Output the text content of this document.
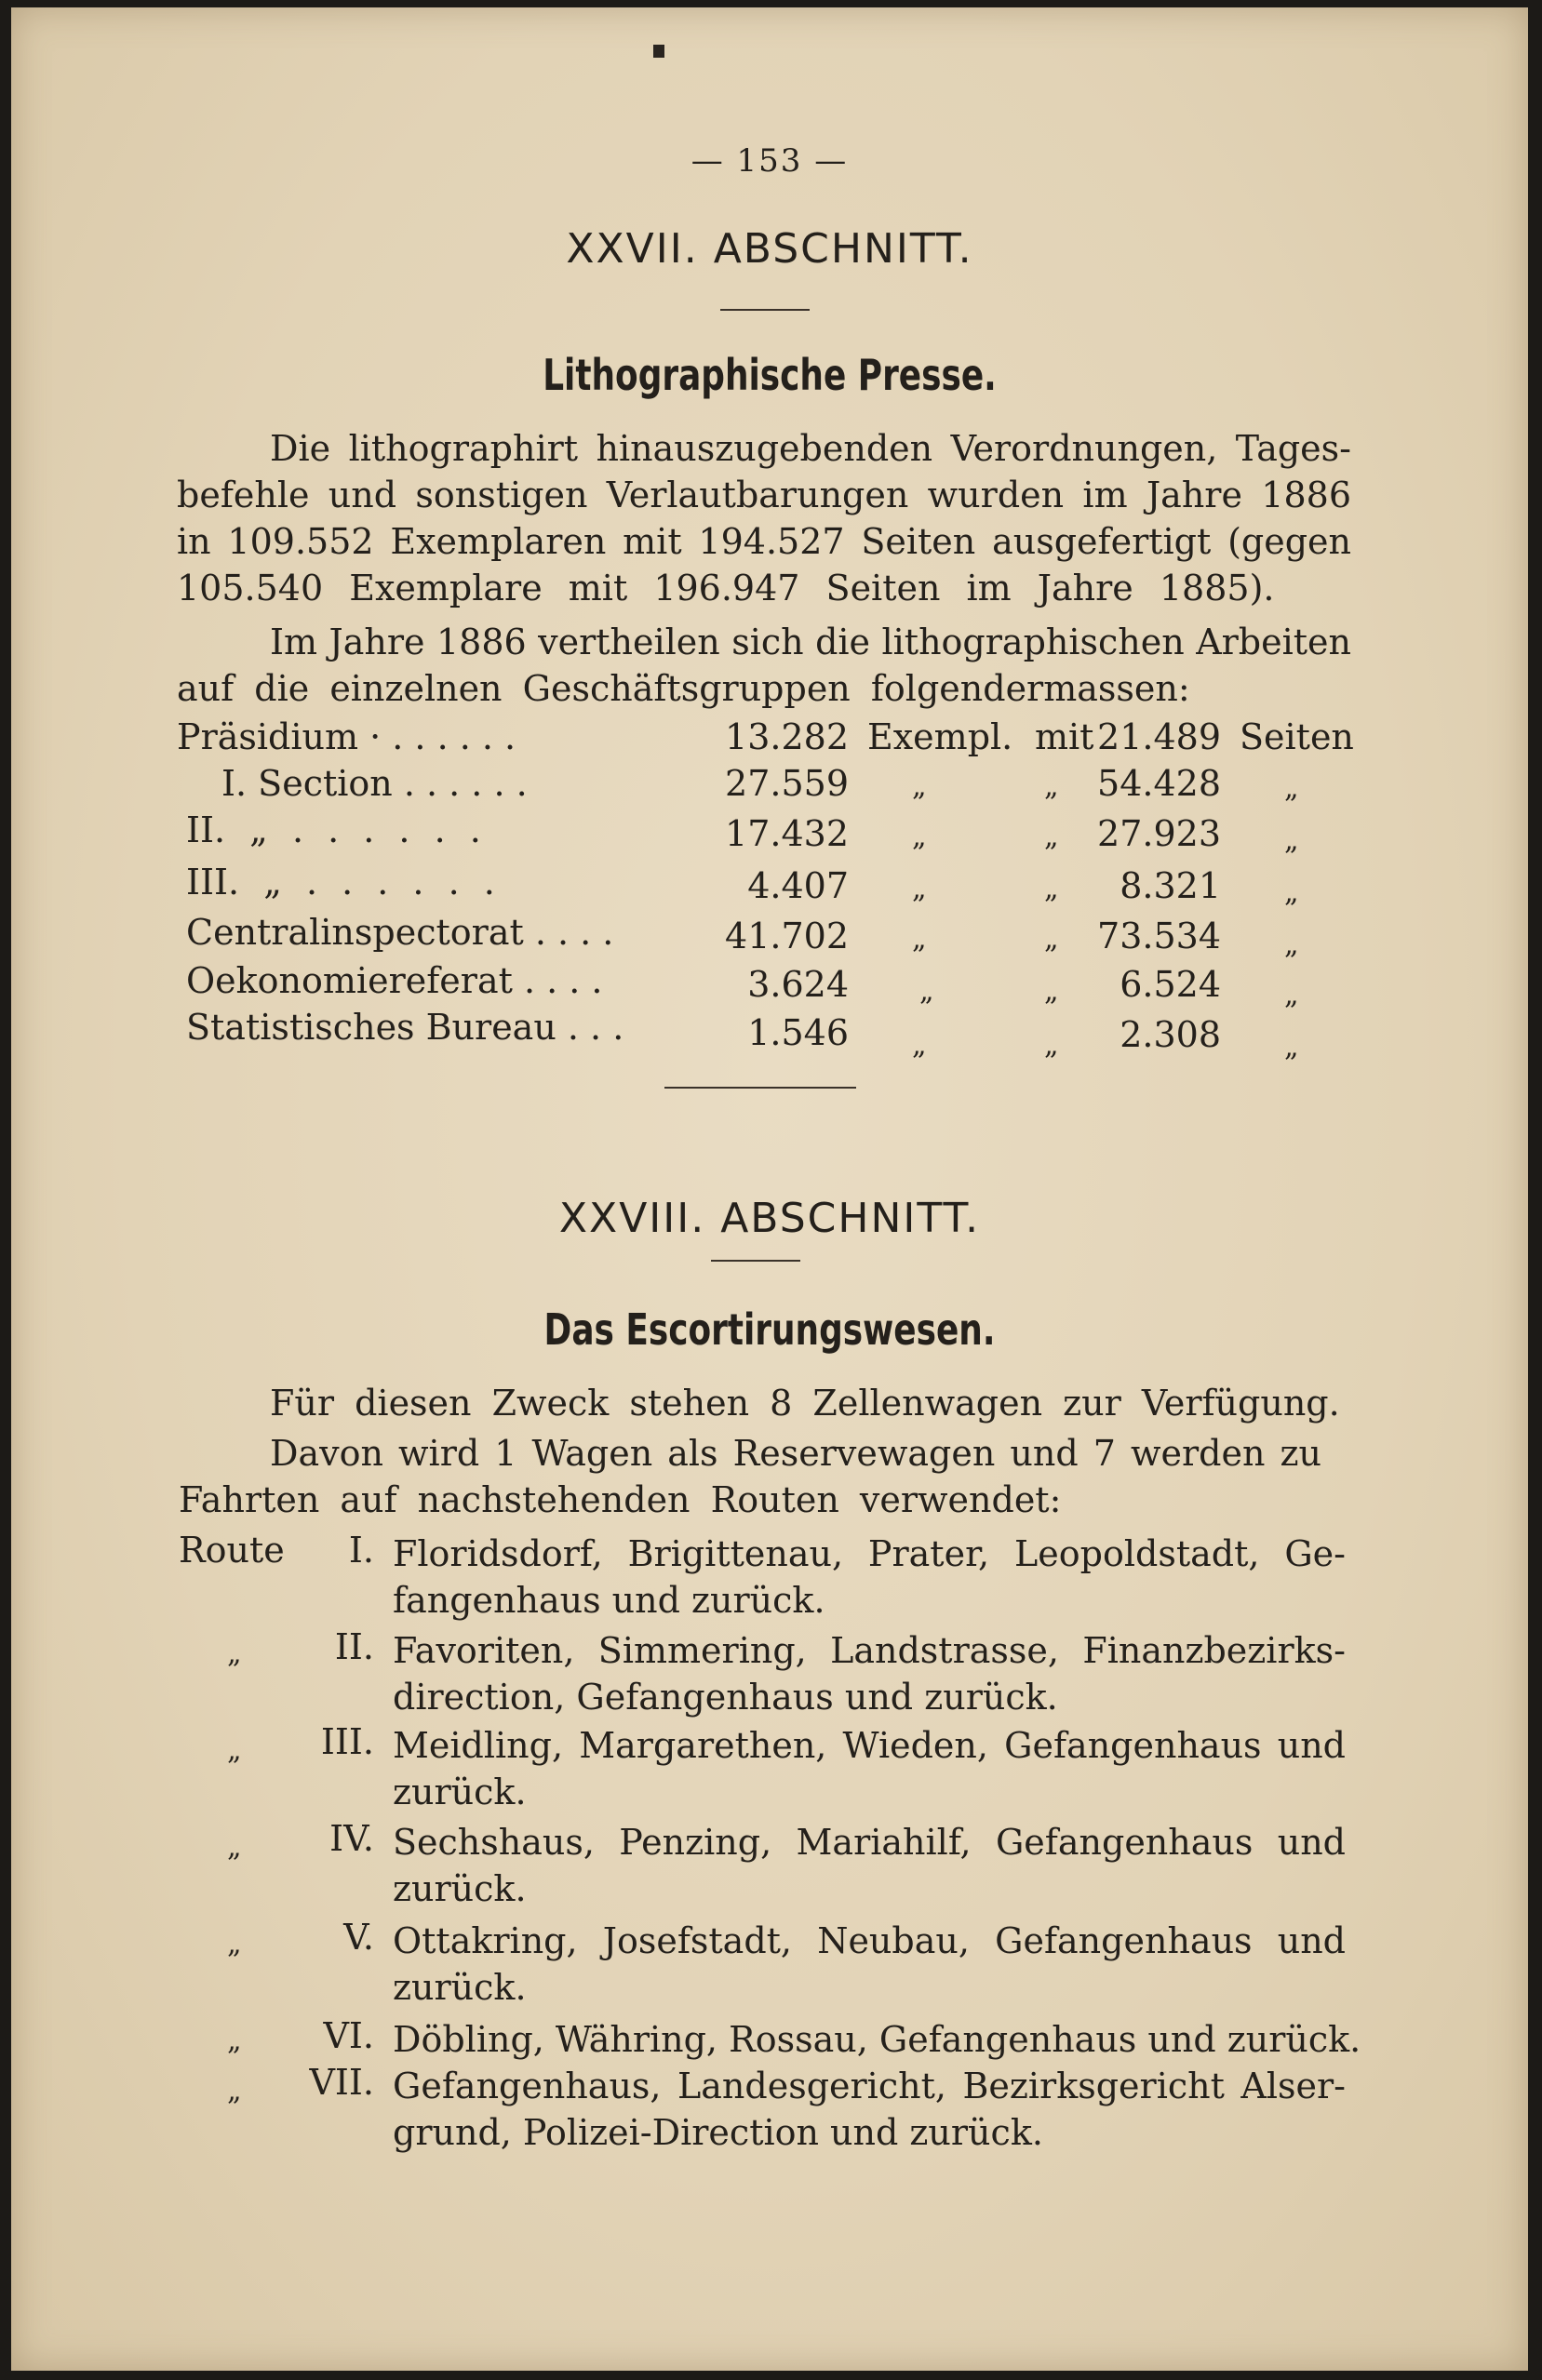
— 153 —
XXVII. ABSCHNITT.
Lithographische Presse.
Die lithographirt hinauszugebenden Verordnungen, Tages-
befehle und sonstigen Verlautbarungen wurden im Jahre 1886
in 109.552 Exemplaren mit 194.527 Seiten ausgefertigt (gegen
105.540 Exemplare mit 196.947 Seiten im Jahre 1885).
Im Jahre 1886 vertheilen sich die lithographischen Arbeiten
auf die einzelnen Geschäftsgruppen folgendermassen:
Präsidium · . . . . . .	13.282 Exempl. mit 21.489 Seiten
I. Section . . . . . .	27.559 „	„ 54.428 „
II. „ . . . . . .	17.432 „	„ 27.923 „
III. „ . . . . . .	4.407 „	„	8.321 „
Centralinspectorat . . . .	41.702 „	„ 73.534 „
Oekonomiereferat . . . .	3.624	„	„	6.524 „
Statistisches Bureau . . .	1.546 „	„	2.308 „
XXVIII. ABSCHNITT.
Das Escortirungswesen.
Für diesen Zweck stehen 8 Zellenwagen zur Verfügung.
Davon wird 1 Wagen als Reservewagen und 7 werden zu
Fahrten auf nachstehenden Routen verwendet:
Route	I. Floridsdorf, Brigittenau, Prater, Leopoldstadt, Ge-
fangenhaus und zurück.
„	II. Favoriten, Simmering, Landstrasse, Finanzbezirks-
direction, Gefangenhaus und zurück.
„	III. Meidling, Margarethen, Wieden, Gefangenhaus und
zurück.
„	IV. Sechshaus, Penzing, Mariahilf, Gefangenhaus und
zurück.
„	V. Ottakring, Josefstadt, Neubau, Gefangenhaus und
zurück.
„	VI. Döbling, Währing, Rossau, Gefangenhaus und zurück.
„	VII. Gefangenhaus, Landesgericht, Bezirksgericht Alser-
grund, Polizei-Direction und zurück.
